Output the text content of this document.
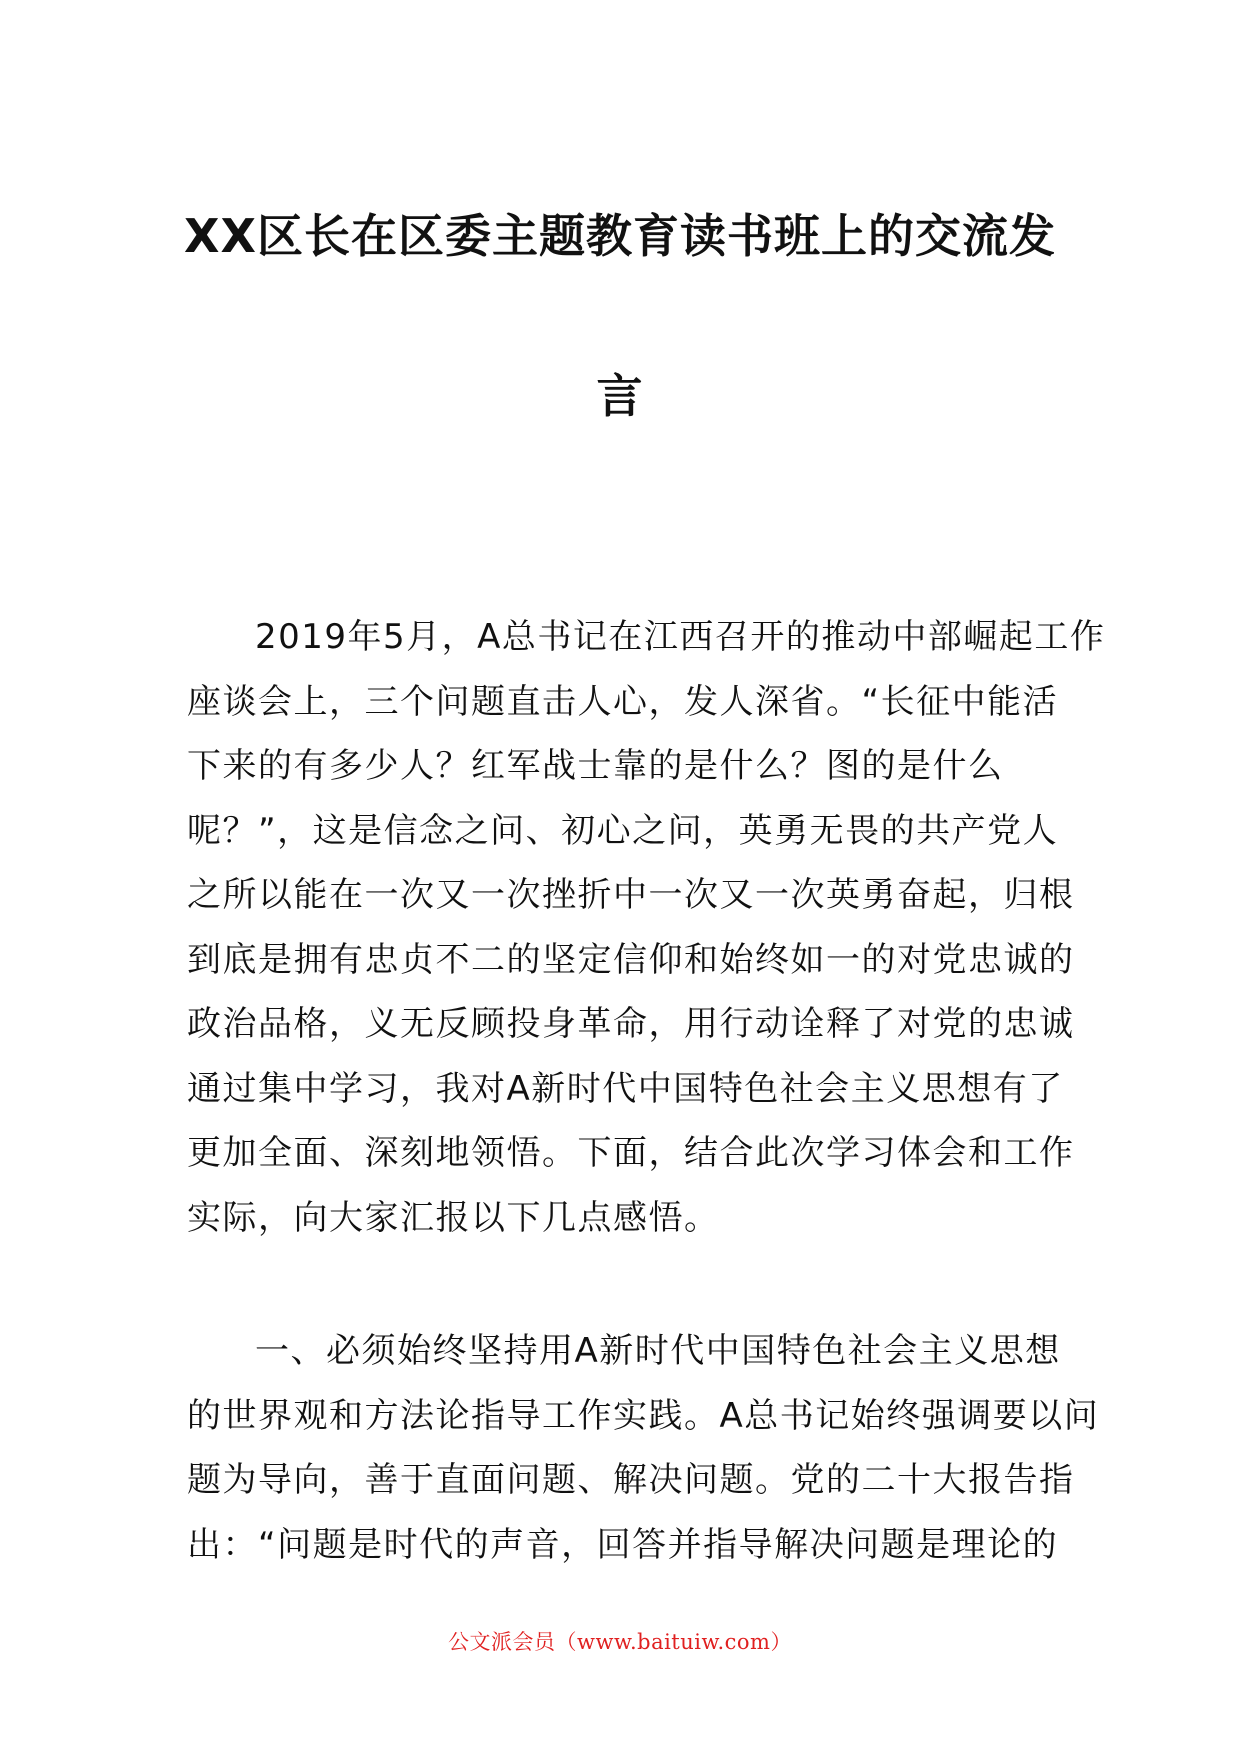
XX区长在区委主题教育读书班上的交流发
言
2019年5月，A总书记在江西召开的推动中部崛起工作
座谈会上，三个问题直击人心，发人深省。“长征中能活
下来的有多少人？红军战士靠的是什么？图的是什么
呢？”，这是信念之问、初心之问，英勇无畏的共产党人
之所以能在一次又一次挫折中一次又一次英勇奋起，归根
到底是拥有忠贞不二的坚定信仰和始终如一的对党忠诚的
政治品格，义无反顾投身革命，用行动诠释了对党的忠诚
通过集中学习，我对A新时代中国特色社会主义思想有了
更加全面、深刻地领悟。下面，结合此次学习体会和工作
实际，向大家汇报以下几点感悟。
一、必须始终坚持用A新时代中国特色社会主义思想
的世界观和方法论指导工作实践。A总书记始终强调要以问
题为导向，善于直面问题、解决问题。党的二十大报告指
出：“问题是时代的声音，回答并指导解决问题是理论的
公文派会员（www.baituiw.com）
